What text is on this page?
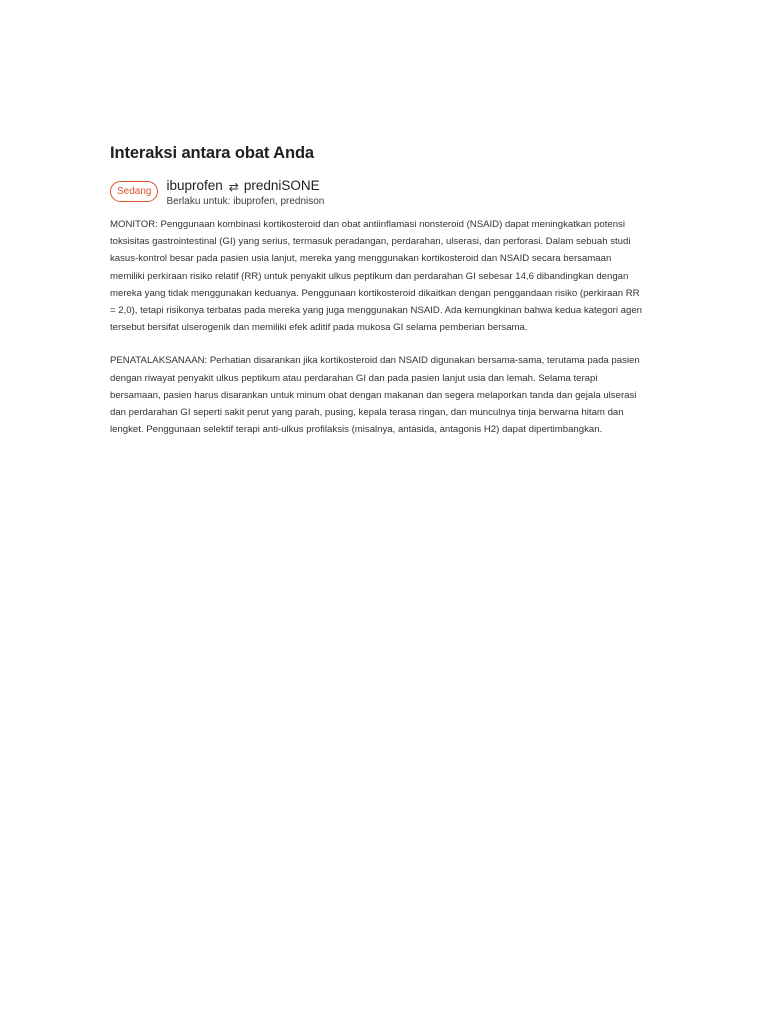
Interaksi antara obat Anda
Sedang	ibuprofen ⇄ predniSONE
Berlaku untuk: ibuprofen, prednison

MONITOR: Penggunaan kombinasi kortikosteroid dan obat antiinflamasi nonsteroid (NSAID) dapat meningkatkan potensi toksisitas gastrointestinal (GI) yang serius, termasuk peradangan, perdarahan, ulserasi, dan perforasi. Dalam sebuah studi kasus-kontrol besar pada pasien usia lanjut, mereka yang menggunakan kortikosteroid dan NSAID secara bersamaan memiliki perkiraan risiko relatif (RR) untuk penyakit ulkus peptikum dan perdarahan GI sebesar 14,6 dibandingkan dengan mereka yang tidak menggunakan keduanya. Penggunaan kortikosteroid dikaitkan dengan penggandaan risiko (perkiraan RR = 2,0), tetapi risikonya terbatas pada mereka yang juga menggunakan NSAID. Ada kemungkinan bahwa kedua kategori agen tersebut bersifat ulserogenik dan memiliki efek aditif pada mukosa GI selama pemberian bersama.

PENATALAKSANAAN: Perhatian disarankan jika kortikosteroid dan NSAID digunakan bersama-sama, terutama pada pasien dengan riwayat penyakit ulkus peptikum atau perdarahan GI dan pada pasien lanjut usia dan lemah. Selama terapi bersamaan, pasien harus disarankan untuk minum obat dengan makanan dan segera melaporkan tanda dan gejala ulserasi dan perdarahan GI seperti sakit perut yang parah, pusing, kepala terasa ringan, dan munculnya tinja berwarna hitam dan lengket. Penggunaan selektif terapi anti-ulkus profilaksis (misalnya, antasida, antagonis H2) dapat dipertimbangkan.
